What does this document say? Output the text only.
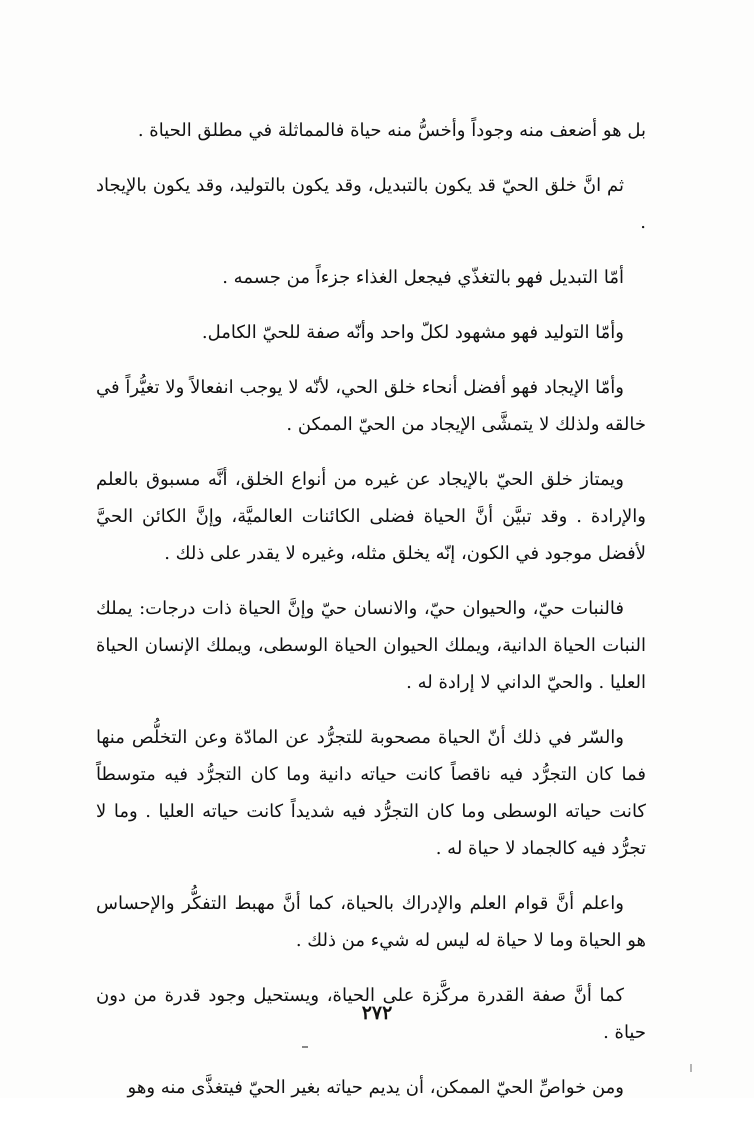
بل هو أضعف منه وجوداً وأخسُّ منه حياة فالمماثلة في مطلق الحياة .

ثم انَّ خلق الحيّ قد يكون بالتبديل، وقد يكون بالتوليد، وقد يكون بالإيجاد .

أمّا التبديل فهو بالتغذّي فيجعل الغذاء جزءاً من جسمه .

وأمّا التوليد فهو مشهود لكلّ واحد وأنّه صفة للحيّ الكامل.

وأمّا الإيجاد فهو أفضل أنحاء خلق الحي، لأنّه لا يوجب انفعالاً ولا تغيُّراً في خالقه ولذلك لا يتمشَّى الإيجاد من الحيّ الممكن .

ويمتاز خلق الحيّ بالإيجاد عن غيره من أنواع الخلق، أنَّه مسبوق بالعلم والإرادة . وقد تبيَّن أنَّ الحياة فضلى الكائنات العالميَّة، وإنَّ الكائن الحيَّ لأفضل موجود في الكون، إنّه يخلق مثله، وغيره لا يقدر على ذلك .

فالنبات حيّ، والحيوان حيّ، والانسان حيّ وإنَّ الحياة ذات درجات: يملك النبات الحياة الدانية، ويملك الحيوان الحياة الوسطى، ويملك الإنسان الحياة العليا . والحيّ الداني لا إرادة له .

والسّر في ذلك أنّ الحياة مصحوبة للتجرُّد عن المادّة وعن التخلُّص منها فما كان التجرُّد فيه ناقصاً كانت حياته دانية وما كان التجرُّد فيه متوسطاً كانت حياته الوسطى وما كان التجرُّد فيه شديداً كانت حياته العليا . وما لا تجرُّد فيه كالجماد لا حياة له .

واعلم أنَّ قوام العلم والإدراك بالحياة، كما أنَّ مهبط التفكُّر والإحساس هو الحياة وما لا حياة له ليس له شيء من ذلك .

كما أنَّ صفة القدرة مركَّزة على الحياة، ويستحيل وجود قدرة من دون حياة .

ومن خواصِّ الحيّ الممكن، أن يديم حياته بغير الحيّ فيتغذَّى منه وهو

٢٧٢
